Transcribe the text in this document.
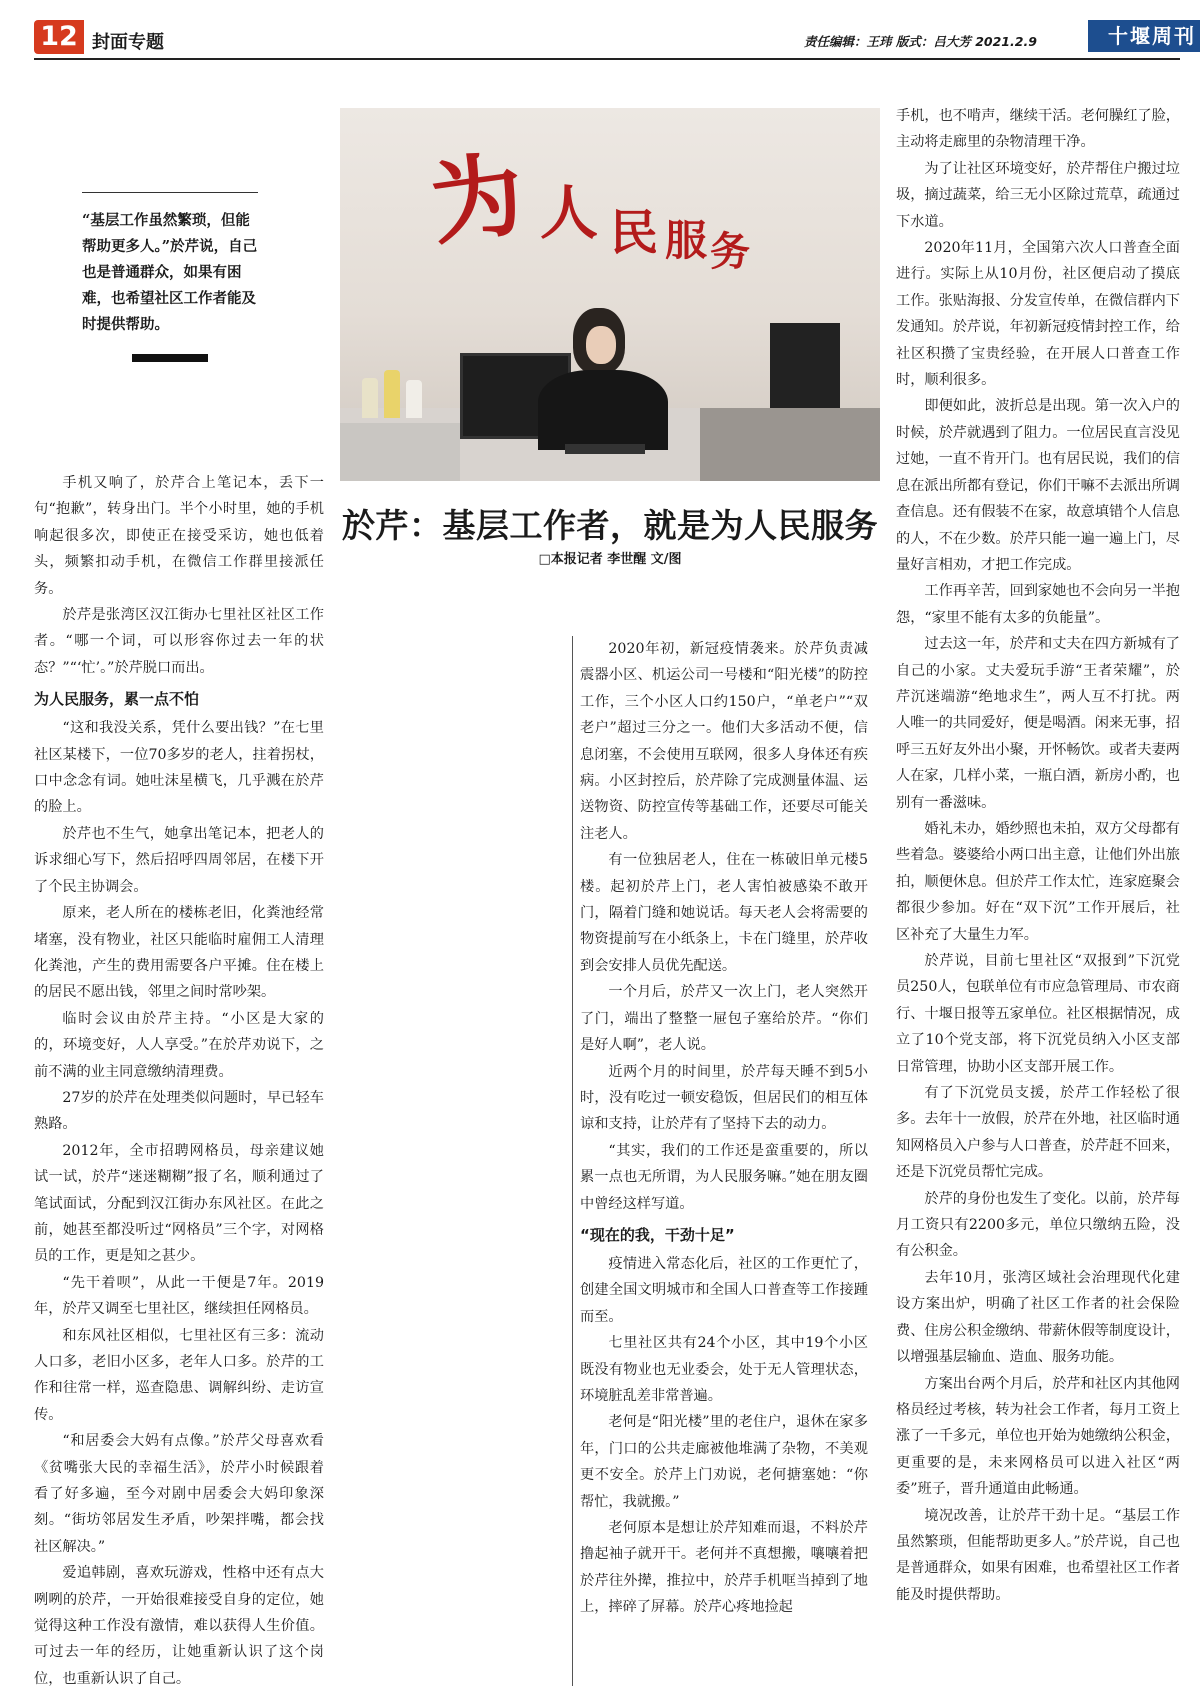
12 封面专题	责任编辑：王玮 版式：吕大芳 2021.2.9	十堰周刊
“基层工作虽然繁琐，但能帮助更多人。”於芹说，自己也是普通群众，如果有困难，也希望社区工作者能及时提供帮助。
为 人 民 服 务
於芹：基层工作者，就是为人民服务
□本报记者 李世醒 文/图

手机又响了，於芹合上笔记本，丢下一句“抱歉”，转身出门。半个小时里，她的手机响起很多次，即使正在接受采访，她也低着头，频繁扣动手机，在微信工作群里接派任务。

於芹是张湾区汉江街办七里社区社区工作者。“哪一个词，可以形容你过去一年的状态？”“‘忙’。”於芹脱口而出。

为人民服务，累一点不怕

“这和我没关系，凭什么要出钱？”在七里社区某楼下，一位70多岁的老人，拄着拐杖，口中念念有词。她吐沫星横飞，几乎溅在於芹的脸上。

於芹也不生气，她拿出笔记本，把老人的诉求细心写下，然后招呼四周邻居，在楼下开了个民主协调会。

原来，老人所在的楼栋老旧，化粪池经常堵塞，没有物业，社区只能临时雇佣工人清理化粪池，产生的费用需要各户平摊。住在楼上的居民不愿出钱，邻里之间时常吵架。

临时会议由於芹主持。“小区是大家的的，环境变好，人人享受。”在於芹劝说下，之前不满的业主同意缴纳清理费。

27岁的於芹在处理类似问题时，早已轻车熟路。

2012年，全市招聘网格员，母亲建议她试一试，於芹“迷迷糊糊”报了名，顺利通过了笔试面试，分配到汉江街办东风社区。在此之前，她甚至都没听过“网格员”三个字，对网格员的工作，更是知之甚少。

“先干着呗”，从此一干便是7年。2019年，於芹又调至七里社区，继续担任网格员。

和东风社区相似，七里社区有三多：流动人口多，老旧小区多，老年人口多。於芹的工作和往常一样，巡查隐患、调解纠纷、走访宣传。

“和居委会大妈有点像。”於芹父母喜欢看《贫嘴张大民的幸福生活》，於芹小时候跟着看了好多遍，至今对剧中居委会大妈印象深刻。“街坊邻居发生矛盾，吵架拌嘴，都会找社区解决。”

爱追韩剧，喜欢玩游戏，性格中还有点大咧咧的於芹，一开始很难接受自身的定位，她觉得这种工作没有激情，难以获得人生价值。可过去一年的经历，让她重新认识了这个岗位，也重新认识了自己。

2020年初，新冠疫情袭来。於芹负责减震器小区、机运公司一号楼和“阳光楼”的防控工作，三个小区人口约150户，“单老户”“双老户”超过三分之一。他们大多活动不便，信息闭塞，不会使用互联网，很多人身体还有疾病。小区封控后，於芹除了完成测量体温、运送物资、防控宣传等基础工作，还要尽可能关注老人。

有一位独居老人，住在一栋破旧单元楼5楼。起初於芹上门，老人害怕被感染不敢开门，隔着门缝和她说话。每天老人会将需要的物资提前写在小纸条上，卡在门缝里，於芹收到会安排人员优先配送。

一个月后，於芹又一次上门，老人突然开了门，端出了整整一屉包子塞给於芹。“你们是好人啊”，老人说。

近两个月的时间里，於芹每天睡不到5小时，没有吃过一顿安稳饭，但居民们的相互体谅和支持，让於芹有了坚持下去的动力。

“其实，我们的工作还是蛮重要的，所以累一点也无所谓，为人民服务嘛。”她在朋友圈中曾经这样写道。

“现在的我，干劲十足”

疫情进入常态化后，社区的工作更忙了，创建全国文明城市和全国人口普查等工作接踵而至。

七里社区共有24个小区，其中19个小区既没有物业也无业委会，处于无人管理状态，环境脏乱差非常普遍。

老何是“阳光楼”里的老住户，退休在家多年，门口的公共走廊被他堆满了杂物，不美观更不安全。於芹上门劝说，老何搪塞她：“你帮忙，我就搬。”

老何原本是想让於芹知难而退，不料於芹撸起袖子就开干。老何并不真想搬，嚷嚷着把於芹往外撵，推拉中，於芹手机哐当掉到了地上，摔碎了屏幕。於芹心疼地捡起

手机，也不啃声，继续干活。老何臊红了脸，主动将走廊里的杂物清理干净。

为了让社区环境变好，於芹帮住户搬过垃圾，摘过蔬菜，给三无小区除过荒草，疏通过下水道。

2020年11月，全国第六次人口普查全面进行。实际上从10月份，社区便启动了摸底工作。张贴海报、分发宣传单，在微信群内下发通知。於芹说，年初新冠疫情封控工作，给社区积攒了宝贵经验，在开展人口普查工作时，顺利很多。

即便如此，波折总是出现。第一次入户的时候，於芹就遇到了阻力。一位居民直言没见过她，一直不肯开门。也有居民说，我们的信息在派出所都有登记，你们干嘛不去派出所调查信息。还有假装不在家，故意填错个人信息的人，不在少数。於芹只能一遍一遍上门，尽量好言相劝，才把工作完成。

工作再辛苦，回到家她也不会向另一半抱怨，“家里不能有太多的负能量”。

过去这一年，於芹和丈夫在四方新城有了自己的小家。丈夫爱玩手游“王者荣耀”，於芹沉迷端游“绝地求生”，两人互不打扰。两人唯一的共同爱好，便是喝酒。闲来无事，招呼三五好友外出小聚，开怀畅饮。或者夫妻两人在家，几样小菜，一瓶白酒，新房小酌，也别有一番滋味。

婚礼未办，婚纱照也未拍，双方父母都有些着急。婆婆给小两口出主意，让他们外出旅拍，顺便休息。但於芹工作太忙，连家庭聚会都很少参加。好在“双下沉”工作开展后，社区补充了大量生力军。

於芹说，目前七里社区“双报到”下沉党员250人，包联单位有市应急管理局、市农商行、十堰日报等五家单位。社区根据情况，成立了10个党支部，将下沉党员纳入小区支部日常管理，协助小区支部开展工作。

有了下沉党员支援，於芹工作轻松了很多。去年十一放假，於芹在外地，社区临时通知网格员入户参与人口普查，於芹赶不回来，还是下沉党员帮忙完成。

於芹的身份也发生了变化。以前，於芹每月工资只有2200多元，单位只缴纳五险，没有公积金。

去年10月，张湾区域社会治理现代化建设方案出炉，明确了社区工作者的社会保险费、住房公积金缴纳、带薪休假等制度设计，以增强基层输血、造血、服务功能。

方案出台两个月后，於芹和社区内其他网格员经过考核，转为社会工作者，每月工资上涨了一千多元，单位也开始为她缴纳公积金，更重要的是，未来网格员可以进入社区“两委”班子，晋升通道由此畅通。

境况改善，让於芹干劲十足。“基层工作虽然繁琐，但能帮助更多人。”於芹说，自己也是普通群众，如果有困难，也希望社区工作者能及时提供帮助。
